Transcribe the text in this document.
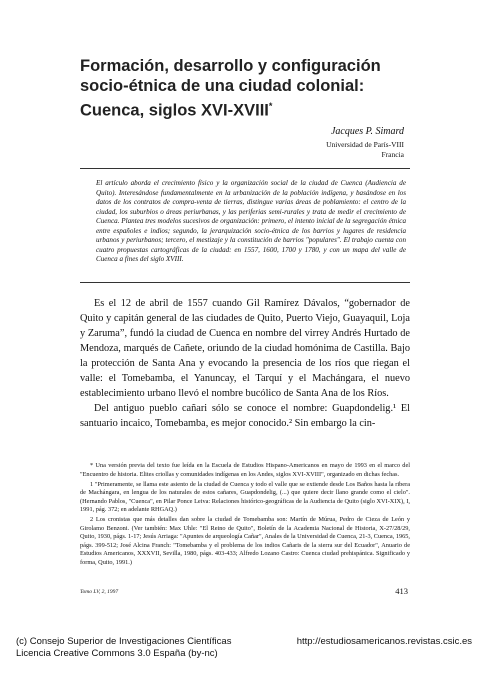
Formación, desarrollo y configuración
socio-étnica de una ciudad colonial:
Cuenca, siglos XVI-XVIII*
Jacques P. Simard
Universidad de París-VIII
Francia
El artículo aborda el crecimiento físico y la organización social de la ciudad de Cuenca (Audiencia de Quito). Interesándose fundamentalmente en la urbanización de la población indígena, y basándose en los datos de los contratos de compra-venta de tierras, distingue varias áreas de poblamiento: el centro de la ciudad, los suburbios o áreas periurbanas, y las periferias semi-rurales y trata de medir el crecimiento de Cuenca. Plantea tres modelos sucesivos de organización: primero, el intento inicial de la segregación étnica entre españoles e indios; segundo, la jerarquización socio-étnica de los barrios y lugares de residencia urbanos y periurbanos; tercero, el mestizaje y la constitución de barrios "populares". El trabajo cuenta con cuatro propuestas cartográficas de la ciudad: en 1557, 1600, 1700 y 1780, y con un mapa del valle de Cuenca a fines del siglo XVIII.

Es el 12 de abril de 1557 cuando Gil Ramírez Dávalos, “gobernador de Quito y capitán general de las ciudades de Quito, Puerto Viejo, Guayaquil, Loja y Zaruma”, fundó la ciudad de Cuenca en nombre del virrey Andrés Hurtado de Mendoza, marqués de Cañete, oriundo de la ciudad homónima de Castilla. Bajo la protección de Santa Ana y evocando la presencia de los ríos que riegan el valle: el Tomebamba, el Yanuncay, el Tarquí y el Machángara, el nuevo establecimiento urbano llevó el nombre bucólico de Santa Ana de los Ríos.

Del antiguo pueblo cañari sólo se conoce el nombre: Guapdondelig.¹ El santuario incaico, Tomebamba, es mejor conocido.² Sin embargo la cin-

* Una versión previa del texto fue leída en la Escuela de Estudios Hispano-Americanos en mayo de 1993 en el marco del "Encuentro de historia. Elites criollas y comunidades indígenas en los Andes, siglos XVI-XVIII", organizado en dichas fechas.

1 "Primeramente, se llama este asiento de la ciudad de Cuenca y todo el valle que se extiende desde Los Baños hasta la ribera de Machángara, en lengua de los naturales de estos cañares, Guapdondelig, (...) que quiere decir llano grande como el cielo". (Hernando Pablos, "Cuenca", en Pilar Ponce Leiva: Relaciones histórico-geográficas de la Audiencia de Quito (siglo XVI-XIX), I, 1991, pág. 372; en adelante RHGAQ.)

2 Los cronistas que más detalles dan sobre la ciudad de Tomebamba son: Martín de Múrua, Pedro de Cieza de León y Girolamo Benzoni. (Ver también: Max Uhle: "El Reino de Quito", Boletín de la Academia Nacional de Historia, X-27/28/29, Quito, 1930, págs. 1-17; Jesús Arriaga: "Apuntes de arqueología Cañar", Anales de la Universidad de Cuenca, 21-3, Cuenca, 1965, págs. 399-512; José Alcina Franch: "Tomebamba y el problema de los indios Cañaris de la sierra sur del Ecuador", Anuario de Estudios Americanos, XXXVII, Sevilla, 1980, págs. 403-433; Alfredo Lozano Castro: Cuenca ciudad prehispánica. Significado y forma, Quito, 1991.)

Tomo LV, 2, 1997	413
(c) Consejo Superior de Investigaciones Científicas
Licencia Creative Commons 3.0 España (by-nc)
http://estudiosamericanos.revistas.csic.es
